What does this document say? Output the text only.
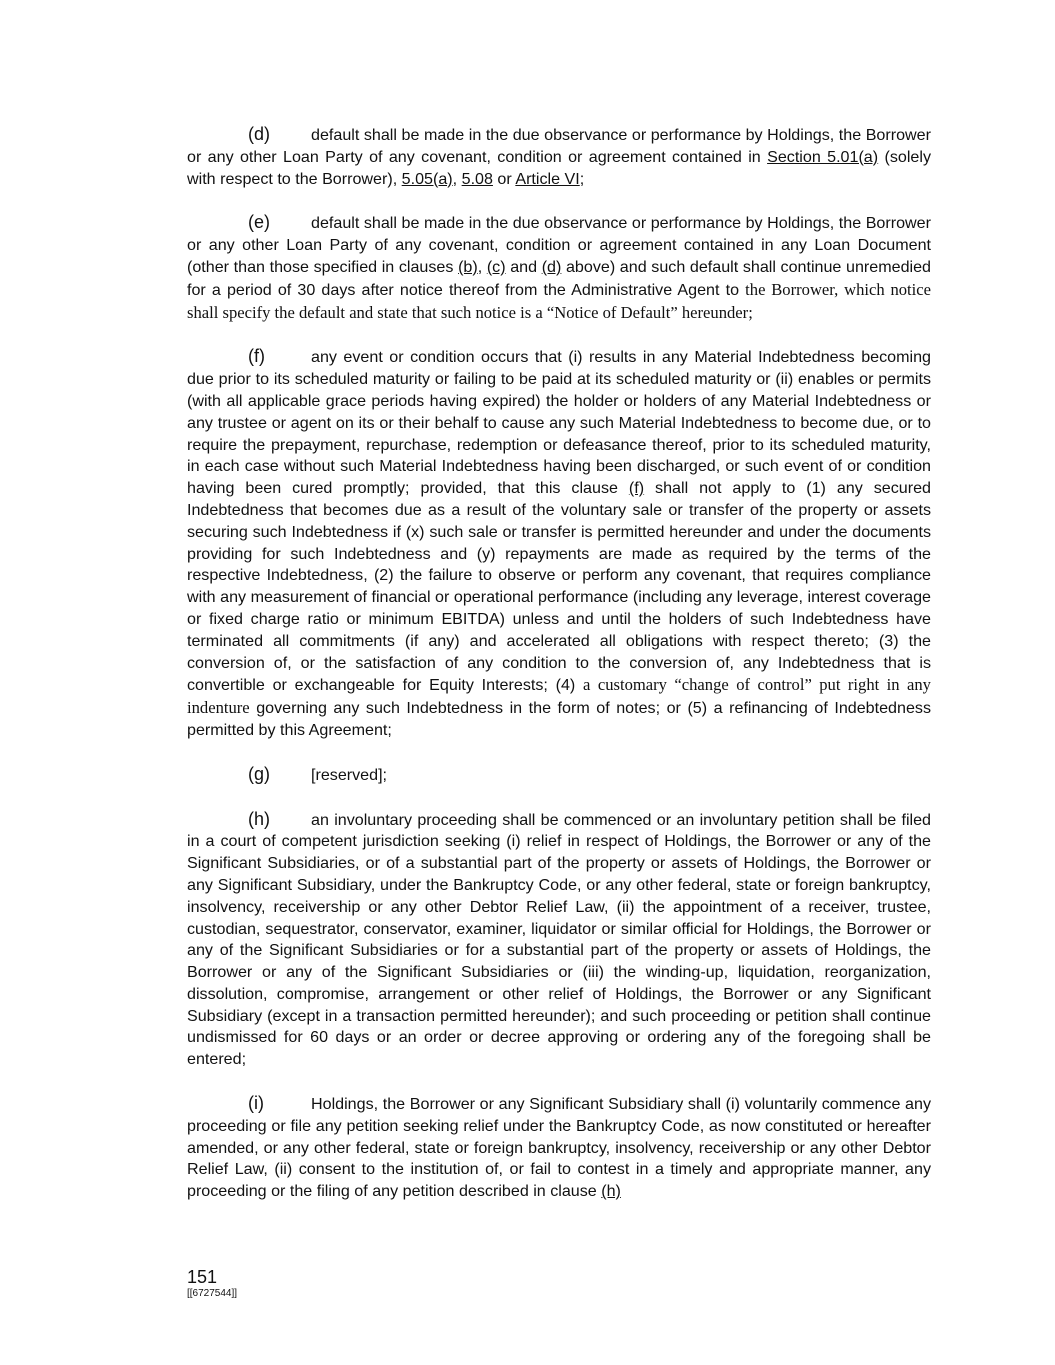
(d)	default shall be made in the due observance or performance by Holdings, the Borrower or any other Loan Party of any covenant, condition or agreement contained in Section 5.01(a) (solely with respect to the Borrower), 5.05(a), 5.08 or Article VI;

(e)	default shall be made in the due observance or performance by Holdings, the Borrower or any other Loan Party of any covenant, condition or agreement contained in any Loan Document (other than those specified in clauses (b), (c) and (d) above) and such default shall continue unremedied for a period of 30 days after notice thereof from the Administrative Agent to the Borrower, which notice shall specify the default and state that such notice is a “Notice of Default” hereunder;

(f)	any event or condition occurs that (i) results in any Material Indebtedness becoming due prior to its scheduled maturity or failing to be paid at its scheduled maturity or (ii) enables or permits (with all applicable grace periods having expired) the holder or holders of any Material Indebtedness or any trustee or agent on its or their behalf to cause any such Material Indebtedness to become due, or to require the prepayment, repurchase, redemption or defeasance thereof, prior to its scheduled maturity, in each case without such Material Indebtedness having been discharged, or such event of or condition having been cured promptly; provided, that this clause (f) shall not apply to (1) any secured Indebtedness that becomes due as a result of the voluntary sale or transfer of the property or assets securing such Indebtedness if (x) such sale or transfer is permitted hereunder and under the documents providing for such Indebtedness and (y) repayments are made as required by the terms of the respective Indebtedness, (2) the failure to observe or perform any covenant, that requires compliance with any measurement of financial or operational performance (including any leverage, interest coverage or fixed charge ratio or minimum EBITDA) unless and until the holders of such Indebtedness have terminated all commitments (if any) and accelerated all obligations with respect thereto; (3) the conversion of, or the satisfaction of any condition to the conversion of, any Indebtedness that is convertible or exchangeable for Equity Interests; (4) a customary “change of control” put right in any indenture governing any such Indebtedness in the form of notes; or (5) a refinancing of Indebtedness permitted by this Agreement;

(g)	[reserved];

(h)	an involuntary proceeding shall be commenced or an involuntary petition shall be filed in a court of competent jurisdiction seeking (i) relief in respect of Holdings, the Borrower or any of the Significant Subsidiaries, or of a substantial part of the property or assets of Holdings, the Borrower or any Significant Subsidiary, under the Bankruptcy Code, or any other federal, state or foreign bankruptcy, insolvency, receivership or any other Debtor Relief Law, (ii) the appointment of a receiver, trustee, custodian, sequestrator, conservator, examiner, liquidator or similar official for Holdings, the Borrower or any of the Significant Subsidiaries or for a substantial part of the property or assets of Holdings, the Borrower or any of the Significant Subsidiaries or (iii) the winding-up, liquidation, reorganization, dissolution, compromise, arrangement or other relief of Holdings, the Borrower or any Significant Subsidiary (except in a transaction permitted hereunder); and such proceeding or petition shall continue undismissed for 60 days or an order or decree approving or ordering any of the foregoing shall be entered;

(i)	Holdings, the Borrower or any Significant Subsidiary shall (i) voluntarily commence any proceeding or file any petition seeking relief under the Bankruptcy Code, as now constituted or hereafter amended, or any other federal, state or foreign bankruptcy, insolvency, receivership or any other Debtor Relief Law, (ii) consent to the institution of, or fail to contest in a timely and appropriate manner, any proceeding or the filing of any petition described in clause (h)

151
[[6727544]]
